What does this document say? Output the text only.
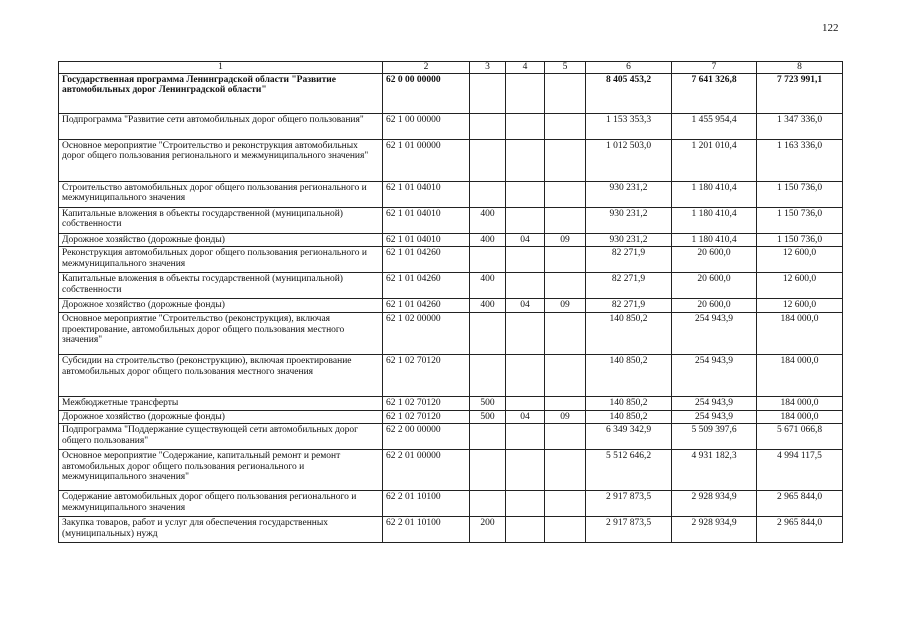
122
1	2	3	4	5	6	7	8
Государственная программа Ленинградской области "Развитие автомобильных дорог Ленинградской области"	62 0 00 00000				8 405 453,2	7 641 326,8	7 723 991,1
Подпрограмма "Развитие сети автомобильных дорог общего пользования"	62 1 00 00000				1 153 353,3	1 455 954,4	1 347 336,0
Основное мероприятие "Строительство и реконструкция автомобильных дорог общего пользования регионального и межмуниципального значения"	62 1 01 00000				1 012 503,0	1 201 010,4	1 163 336,0
Строительство автомобильных дорог общего пользования регионального и межмуниципального значения	62 1 01 04010				930 231,2	1 180 410,4	1 150 736,0
Капитальные вложения в объекты государственной (муниципальной) собственности	62 1 01 04010	400			930 231,2	1 180 410,4	1 150 736,0
Дорожное хозяйство (дорожные фонды)	62 1 01 04010	400	04	09	930 231,2	1 180 410,4	1 150 736,0
Реконструкция автомобильных дорог общего пользования регионального и межмуниципального значения	62 1 01 04260				82 271,9	20 600,0	12 600,0
Капитальные вложения в объекты государственной (муниципальной) собственности	62 1 01 04260	400			82 271,9	20 600,0	12 600,0
Дорожное хозяйство (дорожные фонды)	62 1 01 04260	400	04	09	82 271,9	20 600,0	12 600,0
Основное мероприятие "Строительство (реконструкция), включая проектирование, автомобильных дорог общего пользования местного значения"	62 1 02 00000				140 850,2	254 943,9	184 000,0
Субсидии на строительство (реконструкцию), включая проектирование автомобильных дорог общего пользования местного значения	62 1 02 70120				140 850,2	254 943,9	184 000,0
Межбюджетные трансферты	62 1 02 70120	500			140 850,2	254 943,9	184 000,0
Дорожное хозяйство (дорожные фонды)	62 1 02 70120	500	04	09	140 850,2	254 943,9	184 000,0
Подпрограмма "Поддержание существующей сети автомобильных дорог общего пользования"	62 2 00 00000				6 349 342,9	5 509 397,6	5 671 066,8
Основное мероприятие "Содержание, капитальный ремонт и ремонт автомобильных дорог общего пользования регионального и межмуниципального значения"	62 2 01 00000				5 512 646,2	4 931 182,3	4 994 117,5
Содержание автомобильных дорог общего пользования регионального и межмуниципального значения	62 2 01 10100				2 917 873,5	2 928 934,9	2 965 844,0
Закупка товаров, работ и услуг для обеспечения государственных (муниципальных) нужд	62 2 01 10100	200			2 917 873,5	2 928 934,9	2 965 844,0
